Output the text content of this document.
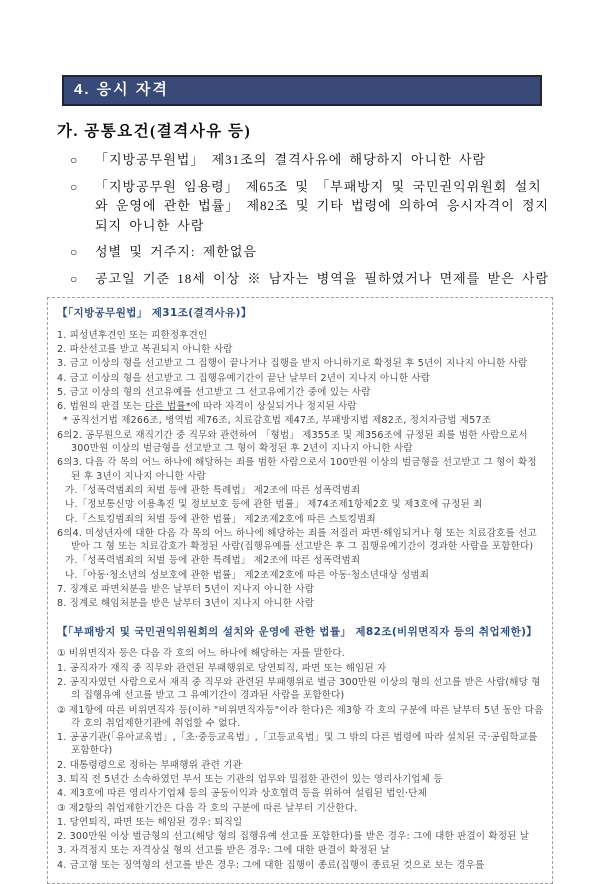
4. 응시 자격
가. 공통요건(결격사유 등)
○	「지방공무원법」 제31조의 결격사유에 해당하지 아니한 사람
○	「지방공무원 임용령」 제65조 및 「부패방지 및 국민권익위원회 설치와 운영에 관한 법률」 제82조 및 기타 법령에 의하여 응시자격이 정지되지 아니한 사람
○	성별 및 거주지: 제한없음
○	공고일 기준 18세 이상 ※ 남자는 병역을 필하였거나 면제를 받은 사람
【「지방공무원법」 제31조(결격사유)】
1. 피성년후견인 또는 피한정후견인
2. 파산선고를 받고 복권되지 아니한 사람
3. 금고 이상의 형을 선고받고 그 집행이 끝나거나 집행을 받지 아니하기로 확정된 후 5년이 지나지 아니한 사람
4. 금고 이상의 형을 선고받고 그 집행유예기간이 끝난 날부터 2년이 지나지 아니한 사람
5. 금고 이상의 형의 선고유예를 선고받고 그 선고유예기간 중에 있는 사람
6. 법원의 판결 또는 다른 법률*에 따라 자격이 상실되거나 정지된 사람
* 공직선거법 제266조, 병역법 제76조, 치료감호법 제47조, 부패방지법 제82조, 정치자금법 제57조
6의2. 공무원으로 재직기간 중 직무와 관련하여 「형법」 제355조 및 제356조에 규정된 죄를 범한 사람으로서 300만원 이상의 벌금형을 선고받고 그 형이 확정된 후 2년이 지나지 아니한 사람
6의3. 다음 각 목의 어느 하나에 해당하는 죄를 범한 사람으로서 100만원 이상의 벌금형을 선고받고 그 형이 확정된 후 3년이 지나지 아니한 사람
가.「성폭력범죄의 처벌 등에 관한 특례법」 제2조에 따른 성폭력범죄
나.「정보통신망 이용촉진 및 정보보호 등에 관한 법률」 제74조제1항제2호 및 제3호에 규정된 죄
다.「스토킹범죄의 처벌 등에 관한 법률」 제2조제2호에 따른 스토킹범죄
6의4. 미성년자에 대한 다음 각 목의 어느 하나에 해당하는 죄를 저질러 파면·해임되거나 형 또는 치료감호를 선고받아 그 형 또는 치료감호가 확정된 사람(집행유예를 선고받은 후 그 집행유예기간이 경과한 사람을 포함한다)
가.「성폭력범죄의 처벌 등에 관한 특례법」 제2조에 따른 성폭력범죄
나.「아동·청소년의 성보호에 관한 법률」 제2조제2호에 따른 아동·청소년대상 성범죄
7. 징계로 파면처분을 받은 날부터 5년이 지나지 아니한 사람
8. 징계로 해임처분을 받은 날부터 3년이 지나지 아니한 사람
【「부패방지 및 국민권익위원회의 설치와 운영에 관한 법률」 제82조(비위면직자 등의 취업제한)】
① 비위면직자 등은 다음 각 호의 어느 하나에 해당하는 자를 말한다.
1. 공직자가 재직 중 직무와 관련된 부패행위로 당연퇴직, 파면 또는 해임된 자
2. 공직자였던 사람으로서 재직 중 직무와 관련된 부패행위로 벌금 300만원 이상의 형의 선고를 받은 사람(해당 형의 집행유예 선고를 받고 그 유예기간이 경과된 사람을 포함한다)
② 제1항에 따른 비위면직자 등(이하 "비위면직자등"이라 한다)은 제3항 각 호의 구분에 따른 날부터 5년 동안 다음 각 호의 취업제한기관에 취업할 수 없다.
1. 공공기관(「유아교육법」,「초·중등교육법」,「고등교육법」및 그 밖의 다른 법령에 따라 설치된 국·공립학교를 포함한다)
2. 대통령령으로 정하는 부패행위 관련 기관
3. 퇴직 전 5년간 소속하였던 부서 또는 기관의 업무와 밀접한 관련이 있는 영리사기업체 등
4. 제3호에 따른 영리사기업체 등의 공동이익과 상호협력 등을 위하여 설립된 법인·단체
③ 제2항의 취업제한기간은 다음 각 호의 구분에 따른 날부터 기산한다.
1. 당연퇴직, 파면 또는 해임된 경우: 퇴직일
2. 300만원 이상 벌금형의 선고(해당 형의 집행유예 선고를 포함한다)를 받은 경우: 그에 대한 판결이 확정된 날
3. 자격정지 또는 자격상실 형의 선고를 받은 경우: 그에 대한 판결이 확정된 날
4. 금고형 또는 징역형의 선고를 받은 경우: 그에 대한 집행이 종료(집행이 종료된 것으로 보는 경우를
